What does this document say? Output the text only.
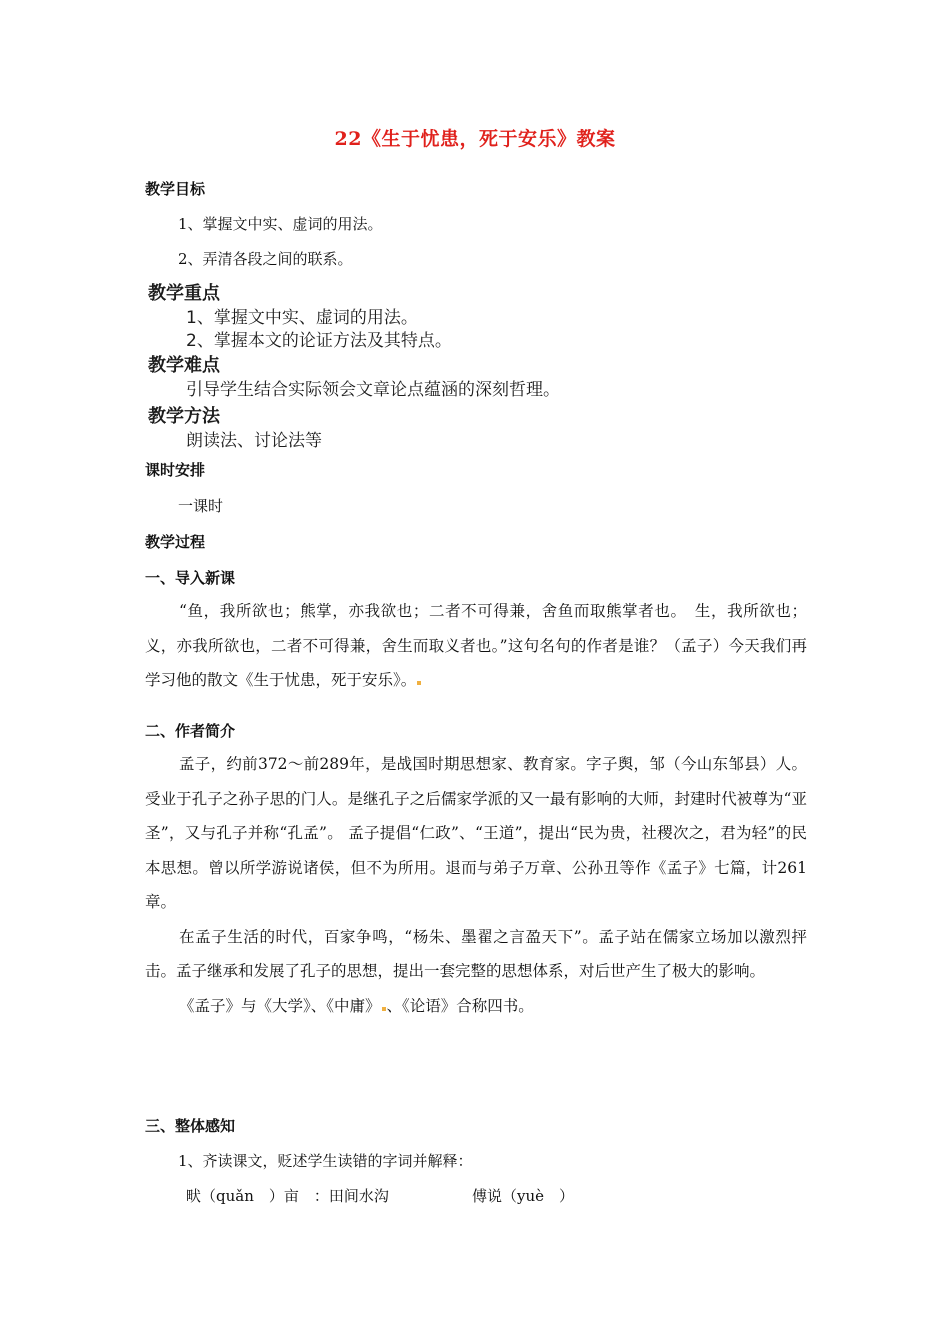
22《生于忧患，死于安乐》教案
教学目标
1、掌握文中实、虚词的用法。
2、弄清各段之间的联系。
教学重点
1、掌握文中实、虚词的用法。
2、掌握本文的论证方法及其特点。
教学难点
引导学生结合实际领会文章论点蕴涵的深刻哲理。
教学方法
朗读法、讨论法等
课时安排
一课时
教学过程
一、导入新课

“鱼，我所欲也；熊掌，亦我欲也；二者不可得兼，舍鱼而取熊掌者也。　生，我所欲也；义，亦我所欲也，二者不可得兼，舍生而取义者也。”这句名句的作者是谁？（孟子）今天我们再学习他的散文《生于忧患，死于安乐》。

二、作者简介

孟子，约前372～前289年，是战国时期思想家、教育家。字子舆，邹（今山东邹县）人。受业于孔子之孙子思的门人。是继孔子之后儒家学派的又一最有影响的大师，封建时代被尊为“亚圣”，又与孔子并称“孔孟”。 孟子提倡“仁政”、“王道”，提出“民为贵，社稷次之，君为轻”的民本思想。曾以所学游说诸侯，但不为所用。退而与弟子万章、公孙丑等作《孟子》七篇，计261章。

在孟子生活的时代，百家争鸣，“杨朱、墨翟之言盈天下”。孟子站在儒家立场加以激烈抨击。孟子继承和发展了孔子的思想，提出一套完整的思想体系，对后世产生了极大的影响。

《孟子》与《大学》、《中庸》 、《论语》合称四书。

三、整体感知
1、齐读课文，贬述学生读错的字词并解释：
畎（quǎn　）亩　：田间水沟	傅说（yuè　）
